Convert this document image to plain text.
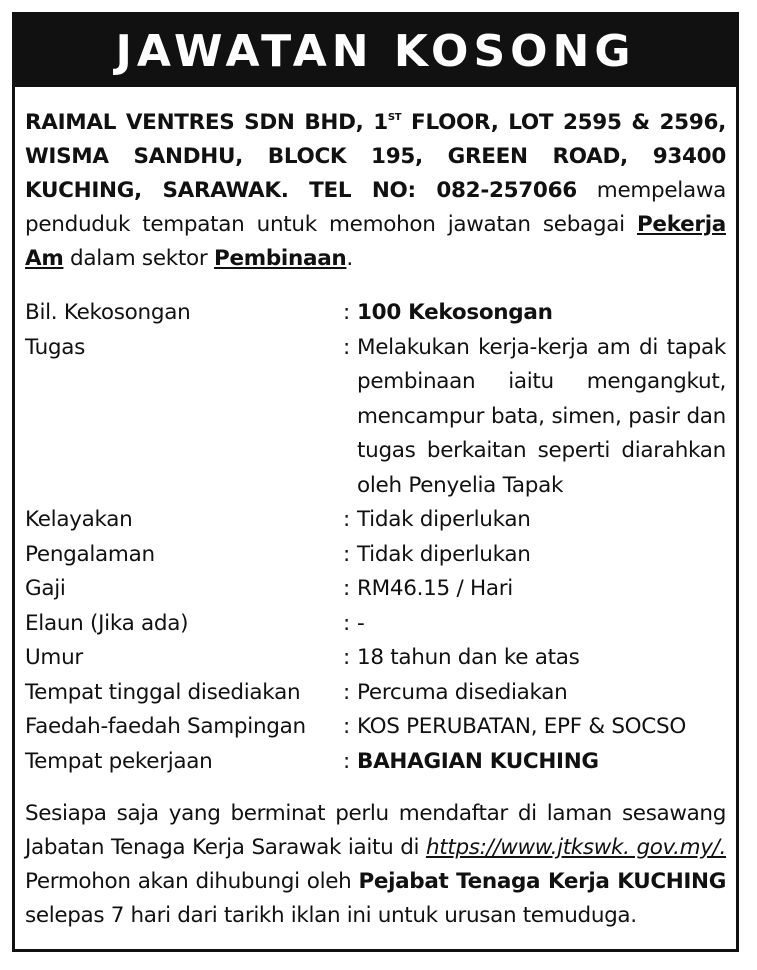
JAWATAN KOSONG

RAIMAL VENTRES SDN BHD, 1ST FLOOR, LOT 2595 & 2596, WISMA SANDHU, BLOCK 195, GREEN ROAD, 93400 KUCHING, SARAWAK. TEL NO: 082-257066 mempelawa penduduk tempatan untuk memohon jawatan sebagai Pekerja Am dalam sektor Pembinaan.

Bil. Kekosongan	: 100 Kekosongan
Tugas	: Melakukan kerja-kerja am di tapak pembinaan iaitu mengangkut, mencampur bata, simen, pasir dan tugas berkaitan seperti diarahkan oleh Penyelia Tapak
Kelayakan	: Tidak diperlukan
Pengalaman	: Tidak diperlukan
Gaji	: RM46.15 / Hari
Elaun (Jika ada)	: -
Umur	: 18 tahun dan ke atas
Tempat tinggal disediakan	: Percuma disediakan
Faedah-faedah Sampingan	: KOS PERUBATAN, EPF & SOCSO
Tempat pekerjaan	: BAHAGIAN KUCHING

Sesiapa saja yang berminat perlu mendaftar di laman sesawang Jabatan Tenaga Kerja Sarawak iaitu di https://www.jtkswk. gov.my/. Permohon akan dihubungi oleh Pejabat Tenaga Kerja KUCHING selepas 7 hari dari tarikh iklan ini untuk urusan temuduga.
